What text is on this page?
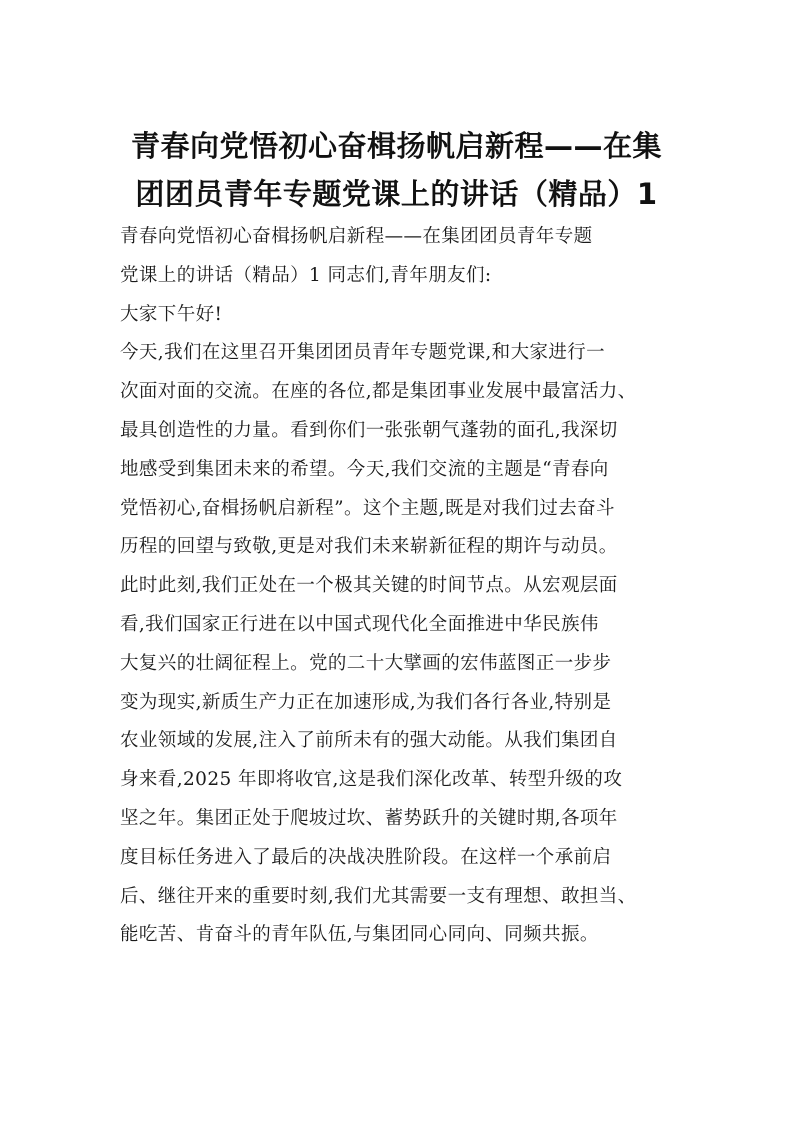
青春向党悟初心奋楫扬帆启新程——在集
团团员青年专题党课上的讲话（精品）1
青春向党悟初心奋楫扬帆启新程——在集团团员青年专题
党课上的讲话（精品）1 同志们,青年朋友们:
大家下午好!
今天,我们在这里召开集团团员青年专题党课,和大家进行一
次面对面的交流。在座的各位,都是集团事业发展中最富活力、
最具创造性的力量。看到你们一张张朝气蓬勃的面孔,我深切
地感受到集团未来的希望。今天,我们交流的主题是“青春向
党悟初心,奋楫扬帆启新程”。这个主题,既是对我们过去奋斗
历程的回望与致敬,更是对我们未来崭新征程的期许与动员。
此时此刻,我们正处在一个极其关键的时间节点。从宏观层面
看,我们国家正行进在以中国式现代化全面推进中华民族伟
大复兴的壮阔征程上。党的二十大擘画的宏伟蓝图正一步步
变为现实,新质生产力正在加速形成,为我们各行各业,特别是
农业领域的发展,注入了前所未有的强大动能。从我们集团自
身来看,2025 年即将收官,这是我们深化改革、转型升级的攻
坚之年。集团正处于爬坡过坎、蓄势跃升的关键时期,各项年
度目标任务进入了最后的决战决胜阶段。在这样一个承前启
后、继往开来的重要时刻,我们尤其需要一支有理想、敢担当、
能吃苦、肯奋斗的青年队伍,与集团同心同向、同频共振。
